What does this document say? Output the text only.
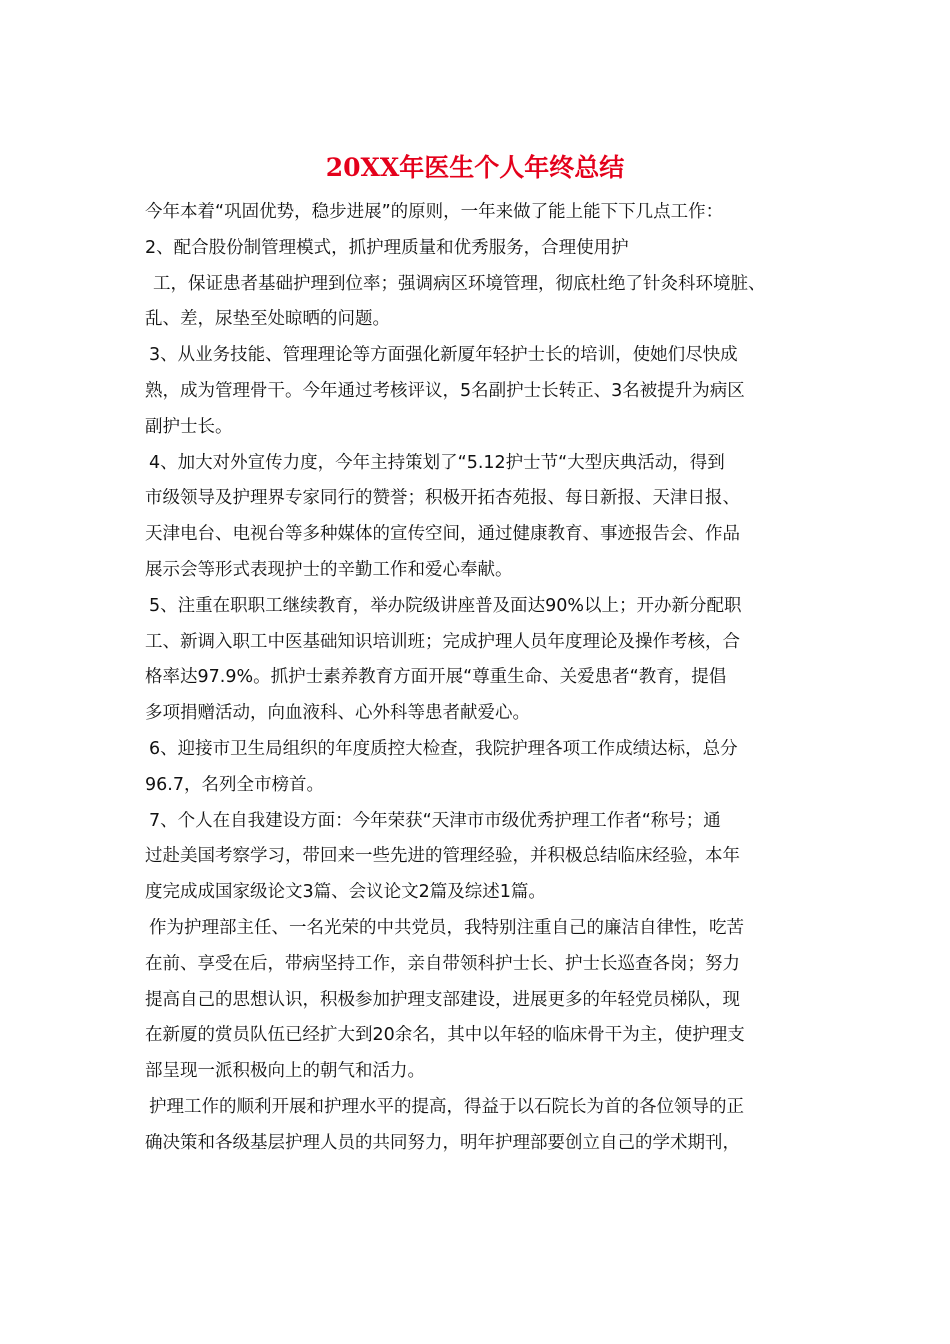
20XX年医生个人年终总结
今年本着“巩固优势，稳步进展”的原则，一年来做了能上能下下几点工作：
2、配合股份制管理模式，抓护理质量和优秀服务，合理使用护
工，保证患者基础护理到位率；强调病区环境管理，彻底杜绝了针灸科环境脏、
乱、差，尿垫至处晾晒的问题。
3、从业务技能、管理理论等方面强化新厦年轻护士长的培训，使她们尽快成
熟，成为管理骨干。今年通过考核评议，5名副护士长转正、3名被提升为病区
副护士长。
4、加大对外宣传力度，今年主持策划了“5.12护士节“大型庆典活动，得到
市级领导及护理界专家同行的赞誉；积极开拓杏苑报、每日新报、天津日报、
天津电台、电视台等多种媒体的宣传空间，通过健康教育、事迹报告会、作品
展示会等形式表现护士的辛勤工作和爱心奉献。
5、注重在职职工继续教育，举办院级讲座普及面达90%以上；开办新分配职
工、新调入职工中医基础知识培训班；完成护理人员年度理论及操作考核，合
格率达97.9%。抓护士素养教育方面开展“尊重生命、关爱患者“教育，提倡
多项捐赠活动，向血液科、心外科等患者献爱心。
6、迎接市卫生局组织的年度质控大检查，我院护理各项工作成绩达标，总分
96.7，名列全市榜首。
7、个人在自我建设方面：今年荣获“天津市市级优秀护理工作者“称号；通
过赴美国考察学习，带回来一些先进的管理经验，并积极总结临床经验，本年
度完成成国家级论文3篇、会议论文2篇及综述1篇。
作为护理部主任、一名光荣的中共党员，我特别注重自己的廉洁自律性，吃苦
在前、享受在后，带病坚持工作，亲自带领科护士长、护士长巡查各岗；努力
提高自己的思想认识，积极参加护理支部建设，进展更多的年轻党员梯队，现
在新厦的赏员队伍已经扩大到20余名，其中以年轻的临床骨干为主，使护理支
部呈现一派积极向上的朝气和活力。
护理工作的顺利开展和护理水平的提高，得益于以石院长为首的各位领导的正
确决策和各级基层护理人员的共同努力，明年护理部要创立自己的学术期刊，
